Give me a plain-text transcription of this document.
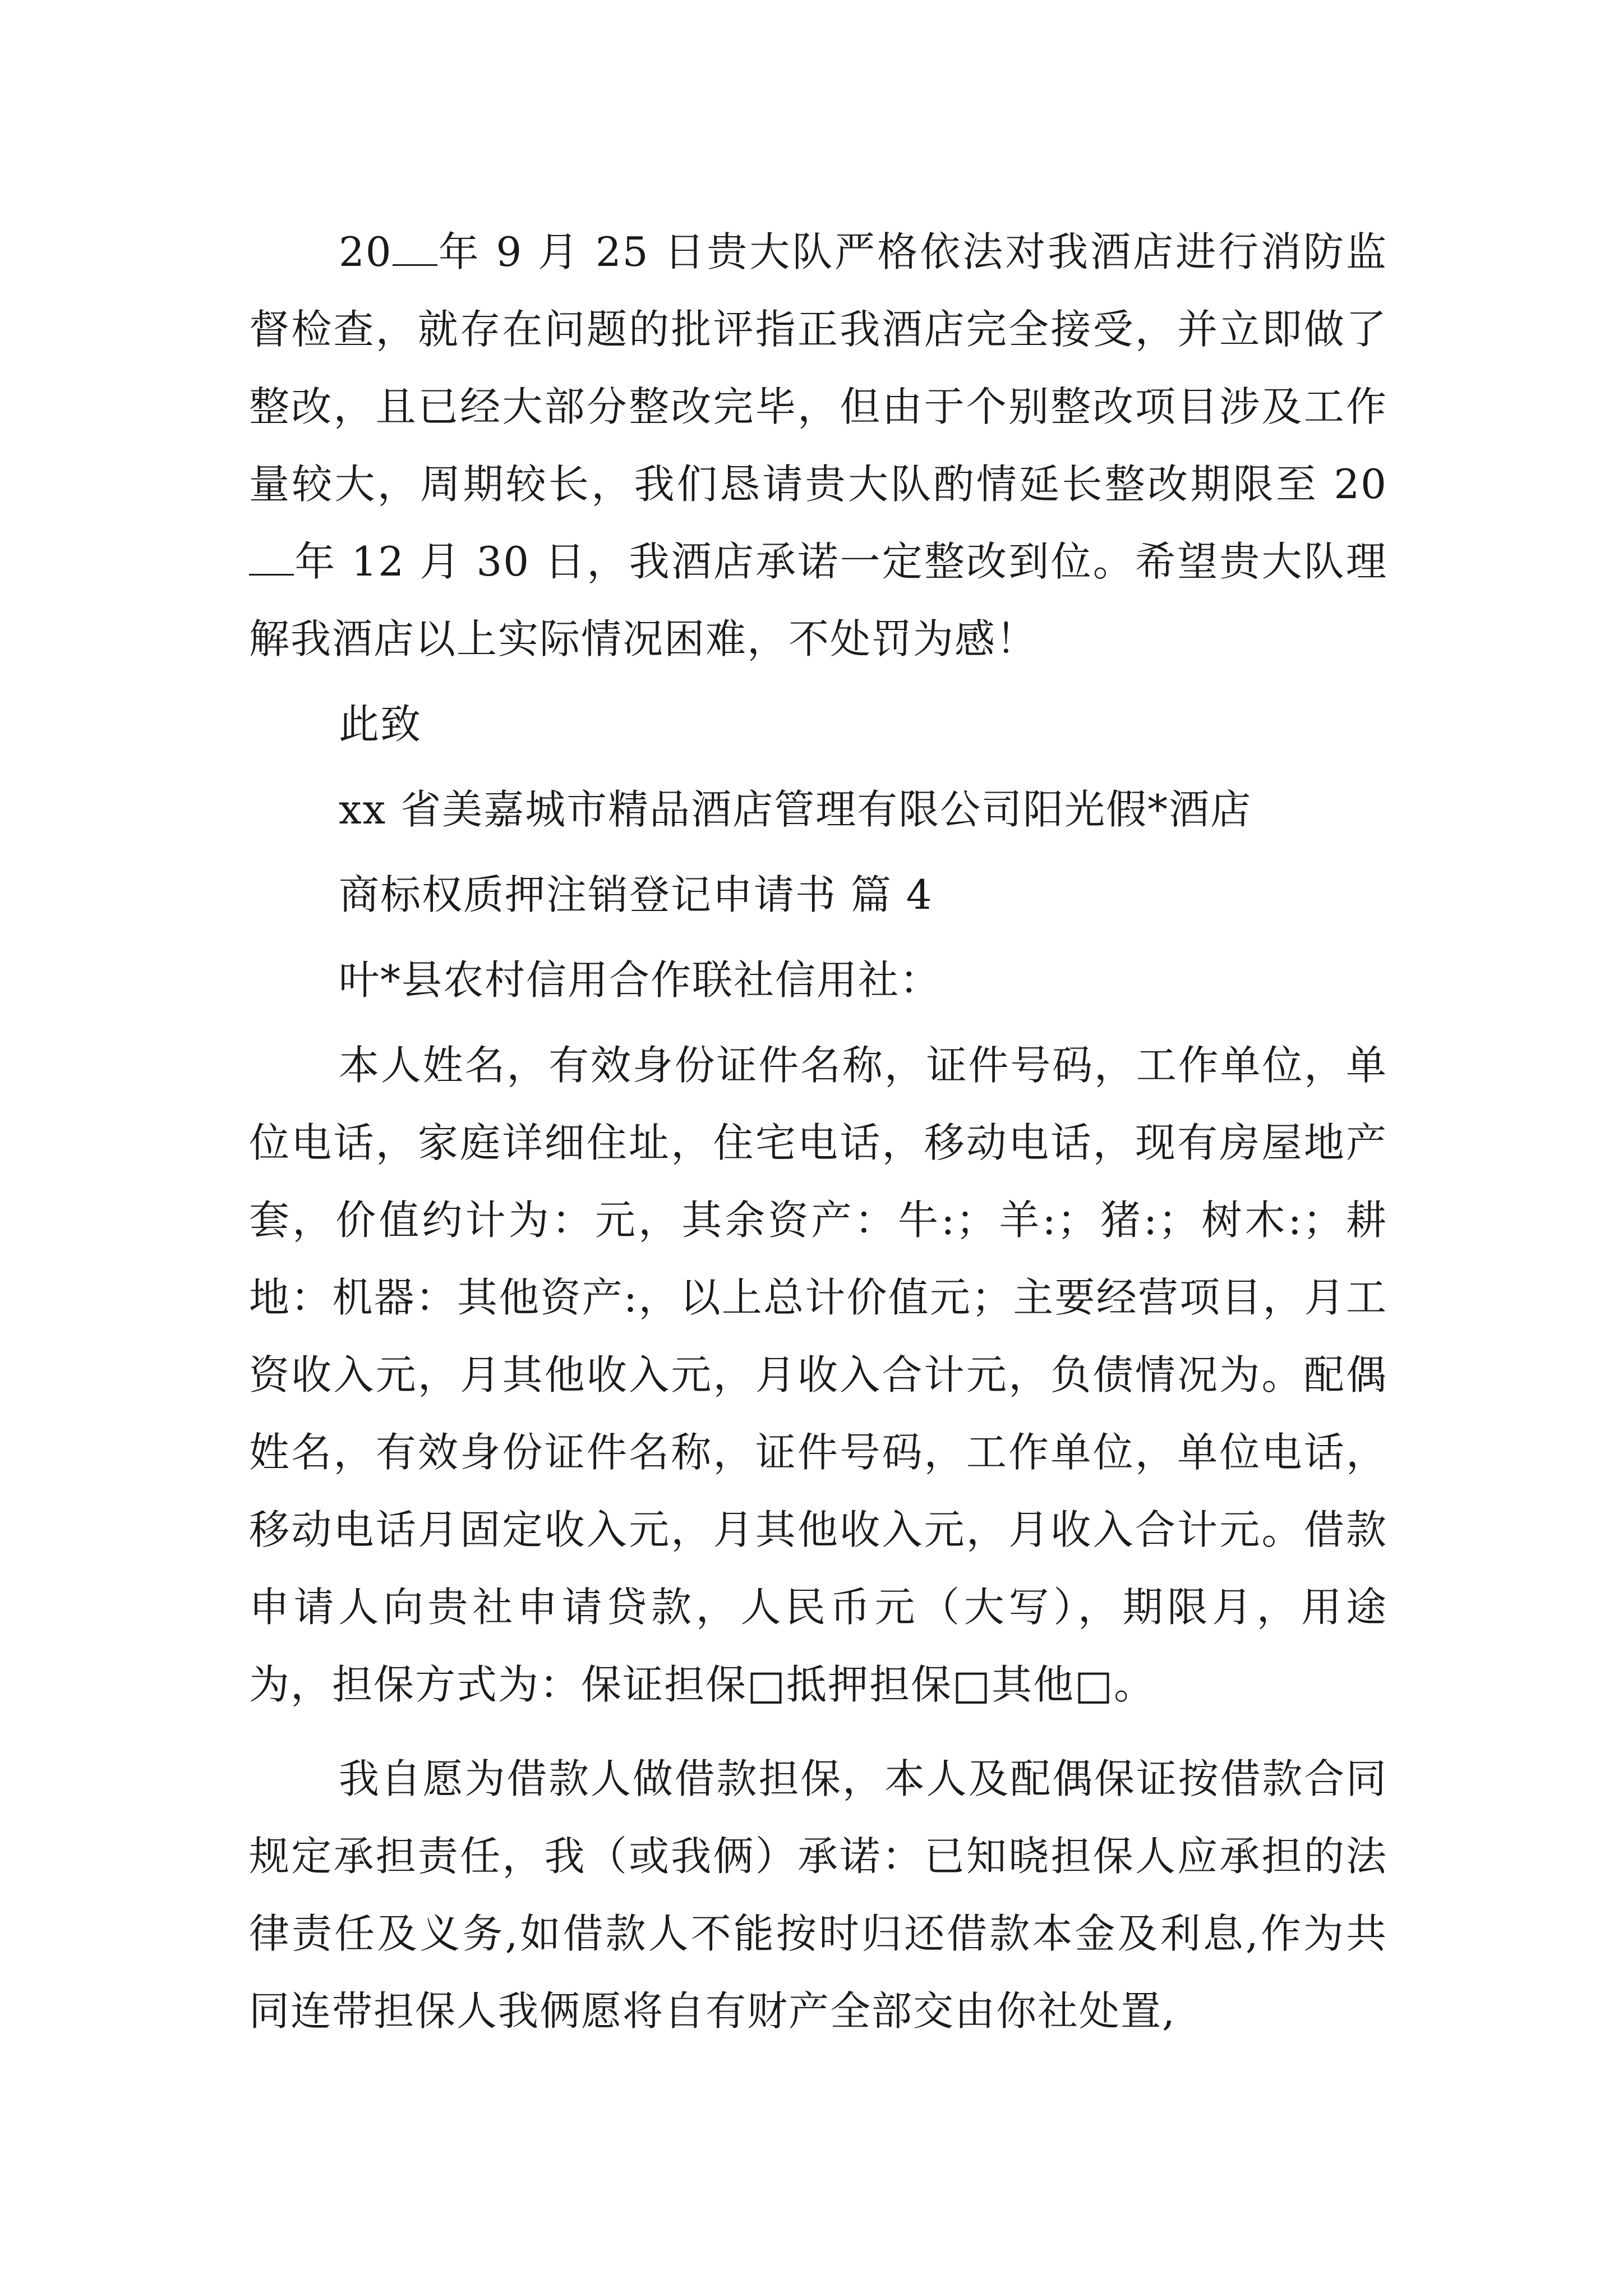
20 年 9 月 25 日贵大队严格依法对我酒店进行消防监督检查，就存在问题的批评指正我酒店完全接受，并立即做了整改，且已经大部分整改完毕，但由于个别整改项目涉及工作量较大，周期较长，我们恳请贵大队酌情延长整改期限至 20年 12 月 30 日，我酒店承诺一定整改到位。希望贵大队理解我酒店以上实际情况困难，不处罚为感！

此致

xx 省美嘉城市精品酒店管理有限公司阳光假*酒店

商标权质押注销登记申请书 篇 4

叶*县农村信用合作联社信用社：

本人姓名，有效身份证件名称，证件号码，工作单位，单位电话，家庭详细住址，住宅电话，移动电话，现有房屋地产套，价值约计为：元，其余资产：牛:；羊:；猪:；树木:；耕地：机器：其他资产:，以上总计价值元；主要经营项目，月工资收入元，月其他收入元，月收入合计元，负债情况为。配偶姓名，有效身份证件名称，证件号码，工作单位，单位电话，移动电话月固定收入元，月其他收入元，月收入合计元。借款申请人向贵社申请贷款，人民币元（大写），期限月，用途为，担保方式为：保证担保□抵押担保□其他□。

我自愿为借款人做借款担保，本人及配偶保证按借款合同规定承担责任，我（或我俩）承诺：已知晓担保人应承担的法律责任及义务,如借款人不能按时归还借款本金及利息,作为共同连带担保人我俩愿将自有财产全部交由你社处置,
